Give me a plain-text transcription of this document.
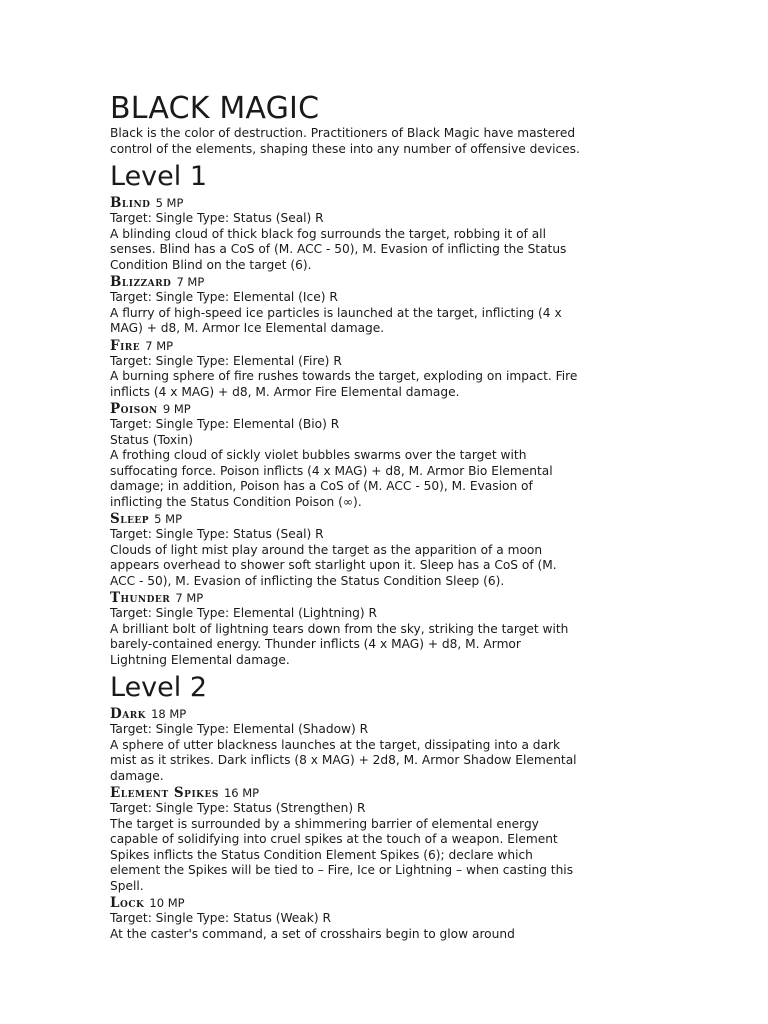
BLACK MAGIC

Black is the color of destruction. Practitioners of Black Magic have mastered control of the elements, shaping these into any number of offensive devices.

Level 1
Blind 5 MP

Target: Single Type: Status (Seal) R

A blinding cloud of thick black fog surrounds the target, robbing it of all senses. Blind has a CoS of (M. ACC - 50), M. Evasion of inflicting the Status Condition Blind on the target (6).

Blizzard 7 MP

Target: Single Type: Elemental (Ice) R

A flurry of high-speed ice particles is launched at the target, inflicting (4 x MAG) + d8, M. Armor Ice Elemental damage.

Fire 7 MP

Target: Single Type: Elemental (Fire) R

A burning sphere of fire rushes towards the target, exploding on impact. Fire inflicts (4 x MAG) + d8, M. Armor Fire Elemental damage.

Poison 9 MP

Target: Single Type: Elemental (Bio) R

Status (Toxin)

A frothing cloud of sickly violet bubbles swarms over the target with suffocating force. Poison inflicts (4 x MAG) + d8, M. Armor Bio Elemental damage; in addition, Poison has a CoS of (M. ACC - 50), M. Evasion of inflicting the Status Condition Poison (∞).

Sleep 5 MP

Target: Single Type: Status (Seal) R

Clouds of light mist play around the target as the apparition of a moon appears overhead to shower soft starlight upon it. Sleep has a CoS of (M. ACC - 50), M. Evasion of inflicting the Status Condition Sleep (6).

Thunder 7 MP

Target: Single Type: Elemental (Lightning) R

A brilliant bolt of lightning tears down from the sky, striking the target with barely-contained energy. Thunder inflicts (4 x MAG) + d8, M. Armor Lightning Elemental damage.

Level 2
Dark 18 MP

Target: Single Type: Elemental (Shadow) R

A sphere of utter blackness launches at the target, dissipating into a dark mist as it strikes. Dark inflicts (8 x MAG) + 2d8, M. Armor Shadow Elemental damage.

Element Spikes 16 MP

Target: Single Type: Status (Strengthen) R

The target is surrounded by a shimmering barrier of elemental energy capable of solidifying into cruel spikes at the touch of a weapon. Element Spikes inflicts the Status Condition Element Spikes (6); declare which element the Spikes will be tied to – Fire, Ice or Lightning – when casting this Spell.

Lock 10 MP

Target: Single Type: Status (Weak) R

At the caster's command, a set of crosshairs begin to glow around
